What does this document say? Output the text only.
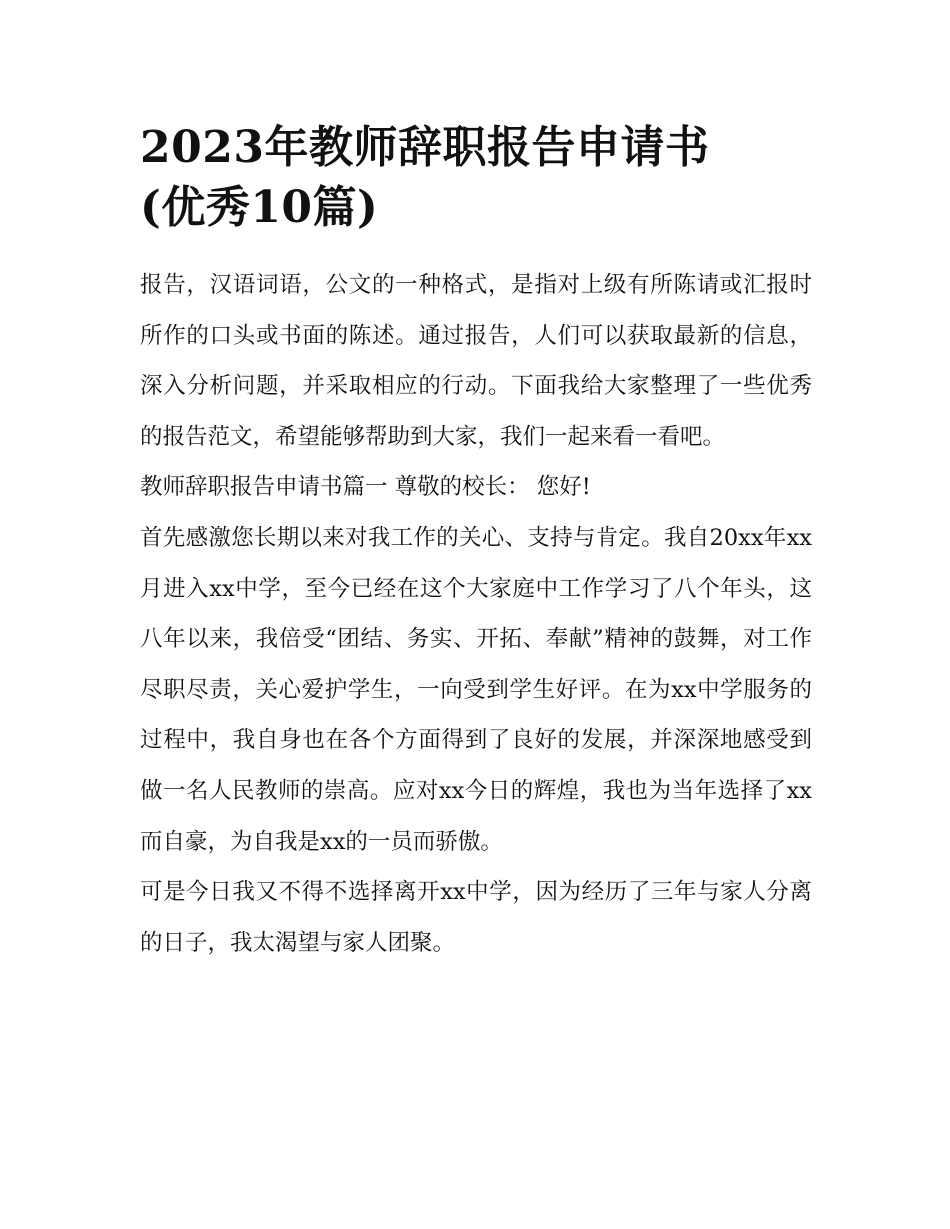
2023年教师辞职报告申请书
(优秀10篇)

报告，汉语词语，公文的一种格式，是指对上级有所陈请或汇报时所作的口头或书面的陈述。通过报告，人们可以获取最新的信息，深入分析问题，并采取相应的行动。下面我给大家整理了一些优秀的报告范文，希望能够帮助到大家，我们一起来看一看吧。

教师辞职报告申请书篇一 尊敬的校长： 您好!

首先感激您长期以来对我工作的关心、支持与肯定。我自20xx年xx月进入xx中学，至今已经在这个大家庭中工作学习了八个年头，这八年以来，我倍受“团结、务实、开拓、奉献”精神的鼓舞，对工作尽职尽责，关心爱护学生，一向受到学生好评。在为xx中学服务的过程中，我自身也在各个方面得到了良好的发展，并深深地感受到做一名人民教师的崇高。应对xx今日的辉煌，我也为当年选择了xx而自豪，为自我是xx的一员而骄傲。

可是今日我又不得不选择离开xx中学，因为经历了三年与家人分离的日子，我太渴望与家人团聚。
